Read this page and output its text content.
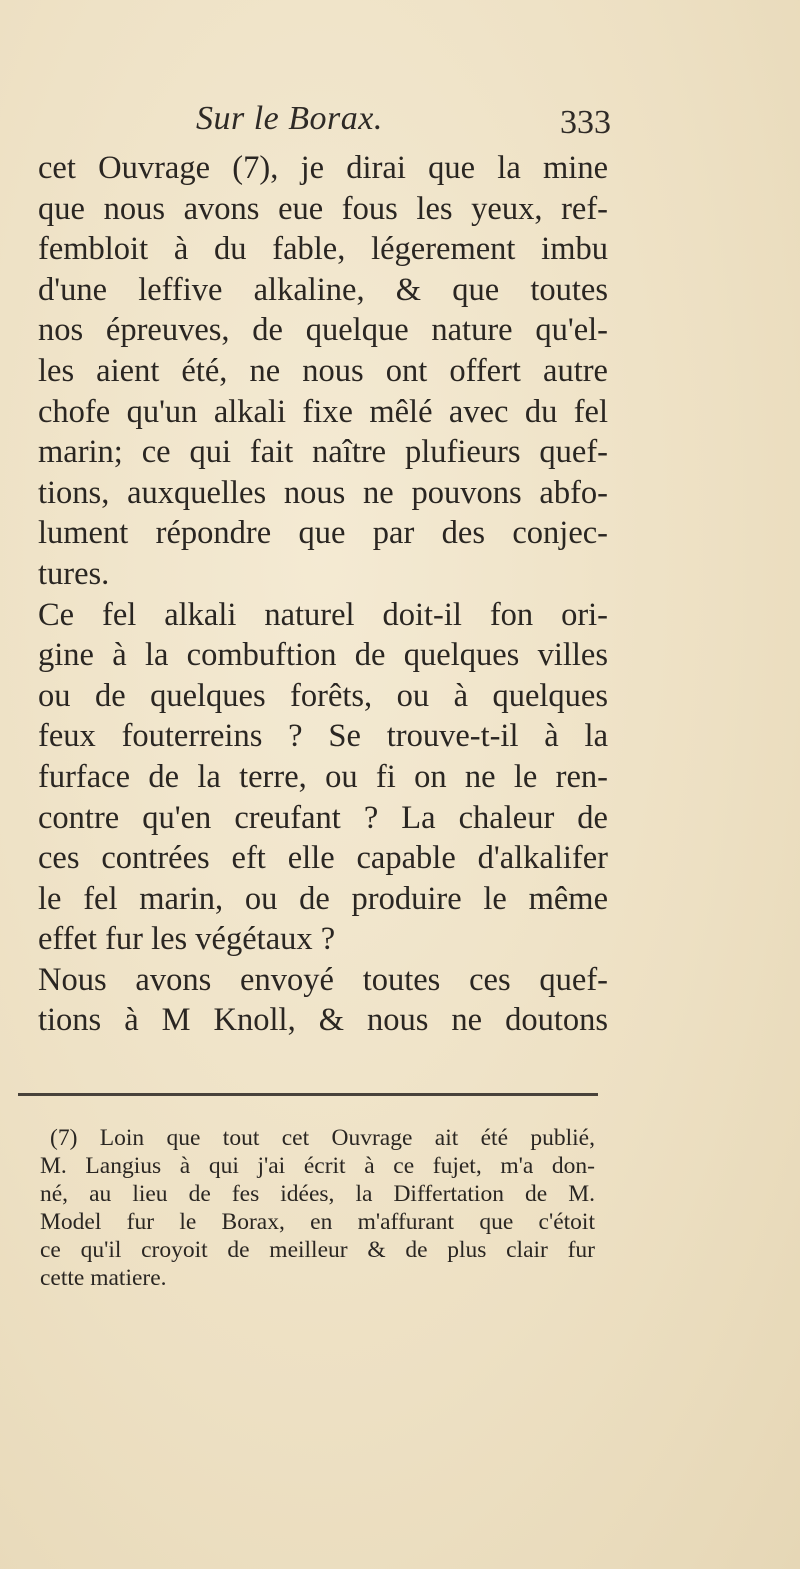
Sur le Borax.	333
cet Ouvrage (7), je dirai que la mine
que nous avons eue fous les yeux, ref-
fembloit à du fable, légerement imbu
d'une leffive alkaline, & que toutes
nos épreuves, de quelque nature qu'el-
les aient été, ne nous ont offert autre
chofe qu'un alkali fixe mêlé avec du fel
marin; ce qui fait naître plufieurs quef-
tions, auxquelles nous ne pouvons abfo-
lument répondre que par des conjec-
tures.
Ce fel alkali naturel doit-il fon ori-
gine à la combuftion de quelques villes
ou de quelques forêts, ou à quelques
feux fouterreins ? Se trouve-t-il à la
furface de la terre, ou fi on ne le ren-
contre qu'en creufant ? La chaleur de
ces contrées eft elle capable d'alkalifer
le fel marin, ou de produire le même
effet fur les végétaux ?
Nous avons envoyé toutes ces quef-
tions à M Knoll, & nous ne doutons
(7) Loin que tout cet Ouvrage ait été publié,
M. Langius à qui j'ai écrit à ce fujet, m'a don-
né, au lieu de fes idées, la Differtation de M.
Model fur le Borax, en m'affurant que c'étoit
ce qu'il croyoit de meilleur & de plus clair fur
cette matiere.
